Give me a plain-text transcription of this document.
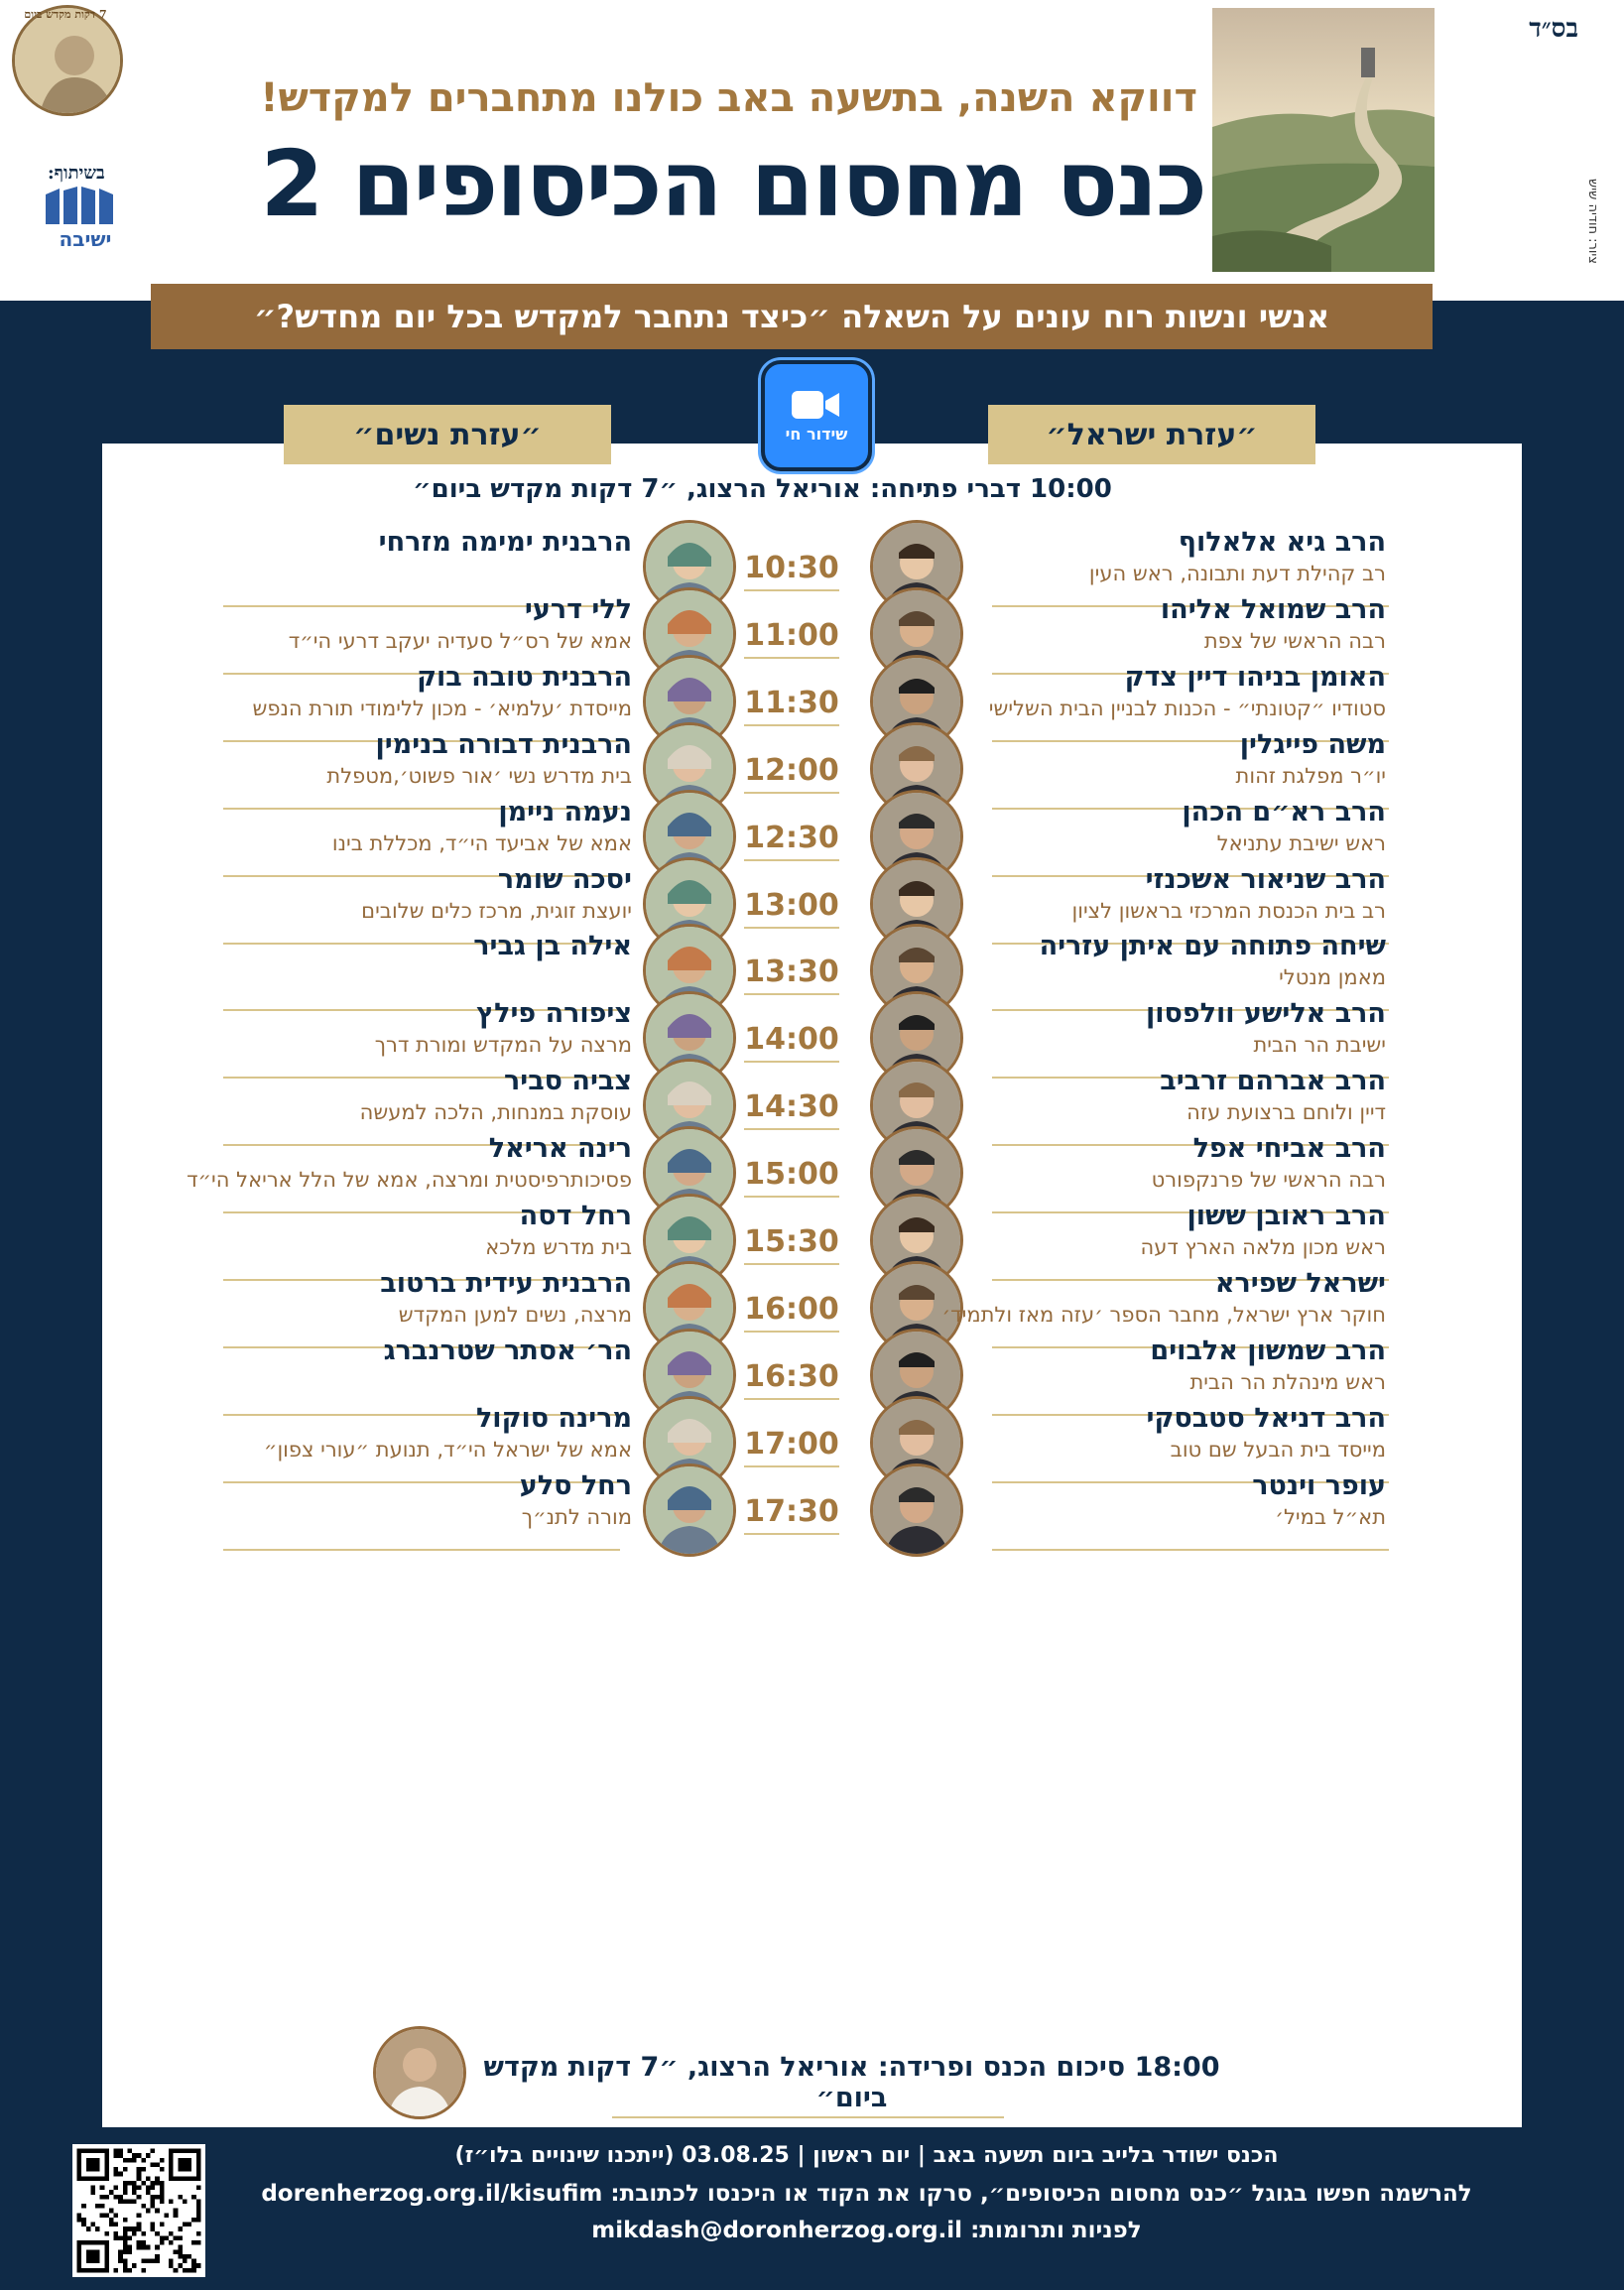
בס״ד
ציור: חודיה שיש
7 דקות מקדש ביום
בשיתוף:
ישיבה
דווקא השנה, בתשעה באב כולנו מתחברים למקדש!
כנס מחסום הכיסופים 2
אנשי ונשות רוח עונים על השאלה ״כיצד נתחבר למקדש בכל יום מחדש?״
שידור חי	״עזרת ישראל״
״עזרת נשים״
10:00 דברי פתיחה: אוריאל הרצוג, ״7 דקות מקדש ביום״
10:30
הרב גיא אלאלוף
רב קהילת דעת ותבונה, ראש העין
הרבנית ימימה מזרחי
11:00
הרב שמואל אליהו
רבה הראשי של צפת
ללי דרעי
אמא של רס״ל סעדיה יעקב דרעי הי״ד
11:30
האומן בניהו דיין צדק
סטודיו ״קטונתי״ - הכנות לבניין הבית השלישי
הרבנית טובה בוק
מייסדת ׳עלמיא׳ - מכון ללימודי תורת הנפש
12:00
משה פייגלין
יו״ר מפלגת זהות
הרבנית דבורה בנימין
בית מדרש נשי ׳אור פשוט׳,מטפלת
12:30
הרב רא״ם הכהן
ראש ישיבת עתניאל
נעמה ניימן
אמא של אביעד הי״ד, מכללת בינו
13:00
הרב שניאור אשכנזי
רב בית הכנסת המרכזי בראשון לציון
יסכה שומר
יועצת זוגית, מרכז כלים שלובים
13:30
שיחה פתוחה עם איתן עזריה
מאמן מנטלי
אילה בן גביר
14:00
הרב אלישע וולפסון
ישיבת הר הבית
ציפורה פילץ
מרצה על המקדש ומורת דרך
14:30
הרב אברהם זרביב
דיין ולוחם ברצועת עזה
צביה סביר
עוסקת במנחות, הלכה למעשה
15:00
הרב אביחי אפל
רבה הראשי של פרנקפורט
רינה אריאל
פסיכותרפיסטית ומרצה, אמא של הלל אריאל הי״ד
15:30
הרב ראובן ששון
ראש מכון מלאה הארץ דעה
רחל דסה
בית מדרש מלכא
16:00
ישראל שפירא
חוקר ארץ ישראל, מחבר הספר ׳עזה מאז ולתמיד׳
הרבנית עידית ברטוב
מרצה, נשים למען המקדש
16:30
הרב שמשון אלבוים
ראש מינהלת הר הבית
הר׳ אסתר שטרנברג
17:00
הרב דניאל סטבסקי
מייסד בית הבעל שם טוב
מרינה סוקול
אמא של ישראל הי״ד, תנועת ״עורי צפון״
17:30
עופר וינטר
תא״ל במיל׳
רחל סלע
מורה לתנ״ך
18:00 סיכום הכנס ופרידה: אוריאל הרצוג, ״7 דקות מקדש ביום״
הכנס ישודר בלייב ביום תשעה באב | יום ראשון | 03.08.25 (ייתכנו שינויים בלו״ז)
להרשמה חפשו בגוגל ״כנס מחסום הכיסופים״, סרקו את הקוד או היכנסו לכתובת: dorenherzog.org.il/kisufim
לפניות ותרומות: mikdash@doronherzog.org.il
